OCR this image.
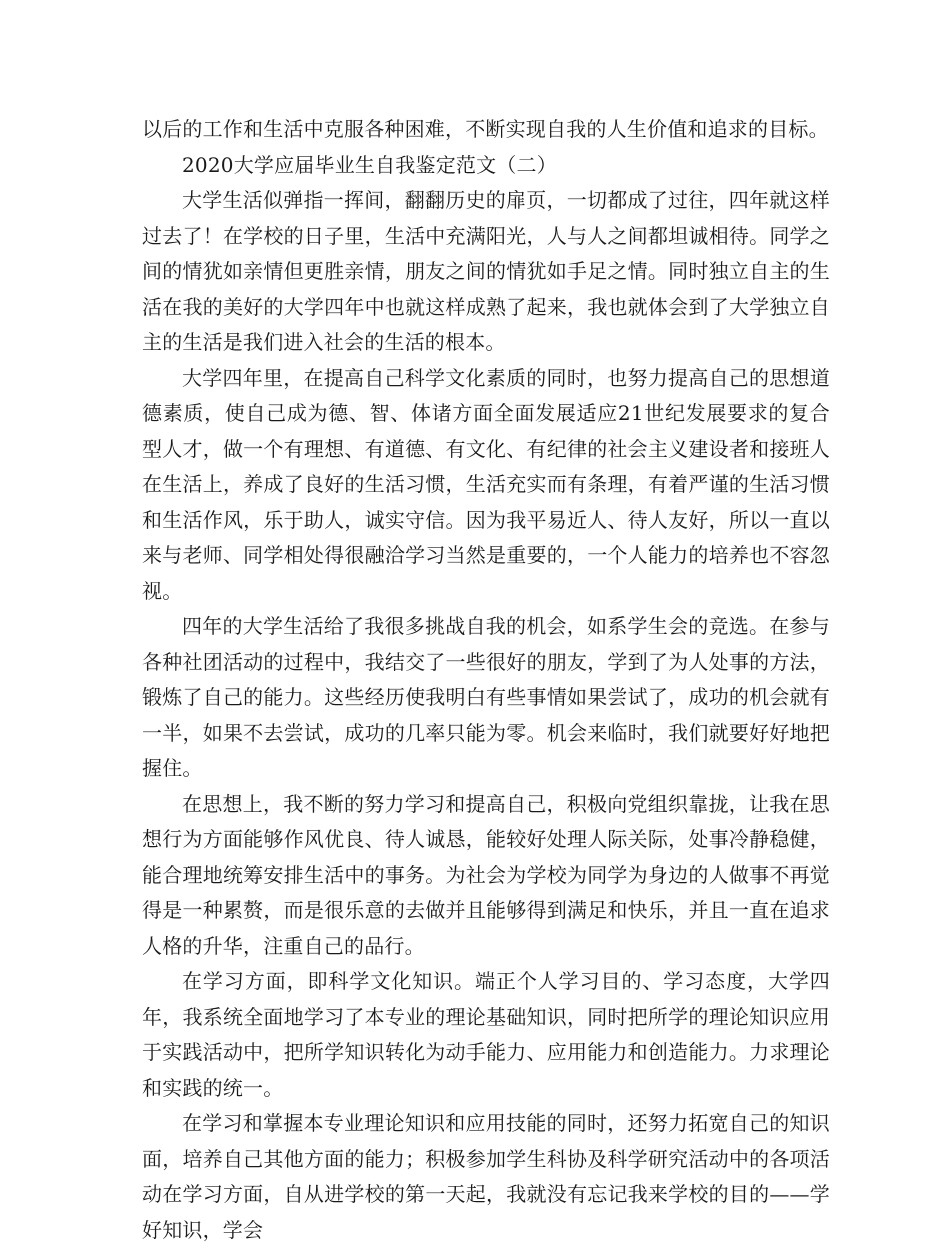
以后的工作和生活中克服各种困难，不断实现自我的人生价值和追求的目标。

2020大学应届毕业生自我鉴定范文（二）

大学生活似弹指一挥间，翻翻历史的扉页，一切都成了过往，四年就这样过去了！在学校的日子里，生活中充满阳光，人与人之间都坦诚相待。同学之间的情犹如亲情但更胜亲情，朋友之间的情犹如手足之情。同时独立自主的生活在我的美好的大学四年中也就这样成熟了起来，我也就体会到了大学独立自主的生活是我们进入社会的生活的根本。

大学四年里，在提高自己科学文化素质的同时，也努力提高自己的思想道德素质，使自己成为德、智、体诸方面全面发展适应21世纪发展要求的复合型人才，做一个有理想、有道德、有文化、有纪律的社会主义建设者和接班人在生活上，养成了良好的生活习惯，生活充实而有条理，有着严谨的生活习惯和生活作风，乐于助人，诚实守信。因为我平易近人、待人友好，所以一直以来与老师、同学相处得很融洽学习当然是重要的，一个人能力的培养也不容忽视。

四年的大学生活给了我很多挑战自我的机会，如系学生会的竞选。在参与各种社团活动的过程中，我结交了一些很好的朋友，学到了为人处事的方法，锻炼了自己的能力。这些经历使我明白有些事情如果尝试了，成功的机会就有一半，如果不去尝试，成功的几率只能为零。机会来临时，我们就要好好地把握住。

在思想上，我不断的努力学习和提高自己，积极向党组织靠拢，让我在思想行为方面能够作风优良、待人诚恳，能较好处理人际关际，处事冷静稳健，能合理地统筹安排生活中的事务。为社会为学校为同学为身边的人做事不再觉得是一种累赘，而是很乐意的去做并且能够得到满足和快乐，并且一直在追求人格的升华，注重自己的品行。

在学习方面，即科学文化知识。端正个人学习目的、学习态度，大学四年，我系统全面地学习了本专业的理论基础知识，同时把所学的理论知识应用于实践活动中，把所学知识转化为动手能力、应用能力和创造能力。力求理论和实践的统一。

在学习和掌握本专业理论知识和应用技能的同时，还努力拓宽自己的知识面，培养自己其他方面的能力；积极参加学生科协及科学研究活动中的各项活动在学习方面，自从进学校的第一天起，我就没有忘记我来学校的目的——学好知识，学会
